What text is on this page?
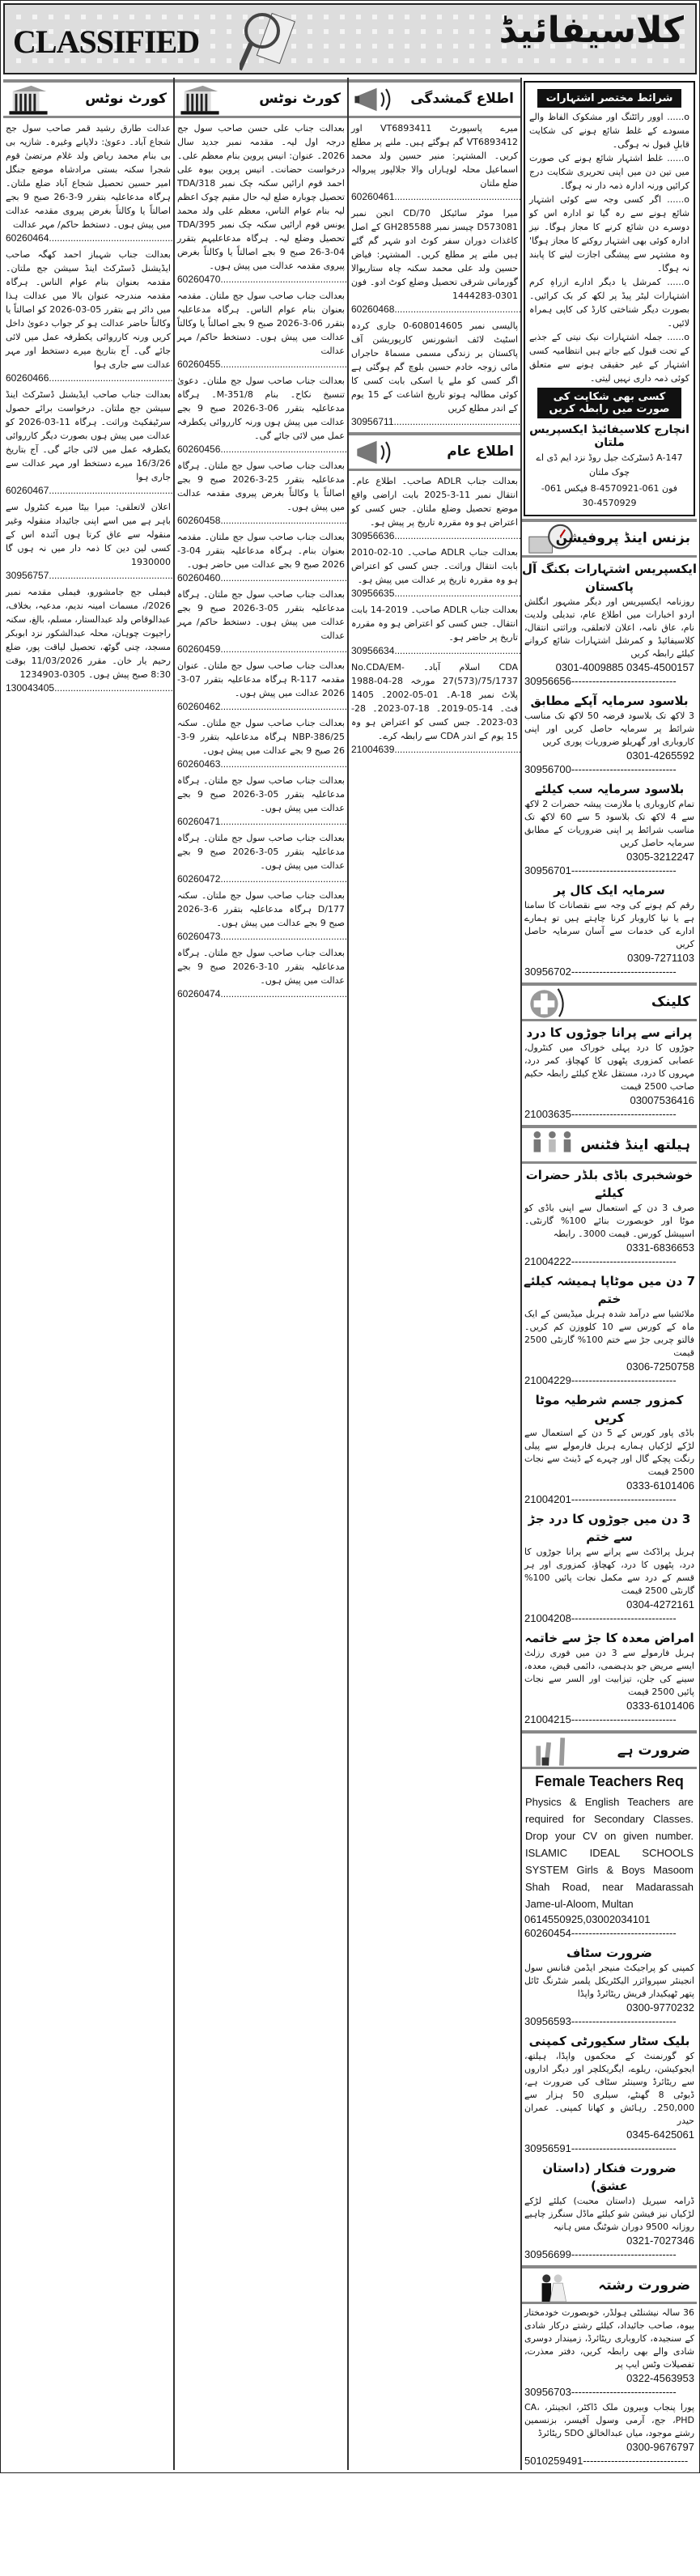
CLASSIFIED	کلاسیفائیڈ
کورٹ نوٹس
عدالت طارق رشید قمر صاحب سول جج شجاع آباد۔ دعویٰ: دلاپانے وغیرہ۔ شازیہ بی بی بنام محمد ریاض ولد غلام مرتضیٰ قوم شجرا سکنہ بستی مرادشاہ موضع جنگل امیر حسین تحصیل شجاع آباد ضلع ملتان۔ ہرگاہ مدعاعلیہ بتقرر 9-3-26 صبح 9 بجے اصالتاً یا وکالتاً بغرض پیروی مقدمہ عدالت میں پیش ہوں۔ دستخط حاکم/ مہر عدالت
60260464 .....
بعدالت جناب شہباز احمد کھگہ صاحب ایڈیشنل ڈسٹرکٹ اینڈ سیشن جج ملتان۔ مقدمہ بعنوان بنام عوام الناس۔ ہرگاہ مقدمہ مندرجہ عنوان بالا میں عدالت ہذا میں دائر ہے بتقرر 05-03-2026 کو اصالتاً یا وکالتاً حاضر عدالت ہو کر جواب دعویٰ داخل کریں ورنہ کارروائی یکطرفہ عمل میں لائی جائے گی۔ آج بتاریخ میرے دستخط اور مہر عدالت سے جاری ہوا
60260466 .....
بعدالت جناب صاحب ایڈیشنل ڈسٹرکٹ اینڈ سیشن جج ملتان۔ درخواست برائے حصول سرٹیفکیٹ وراثت۔ ہرگاہ 11-03-2026 کو عدالت میں پیش ہوں بصورت دیگر کارروائی یکطرفہ عمل میں لائی جائے گی۔ آج بتاریخ 16/3/26 میرے دستخط اور مہر عدالت سے جاری ہوا
60260467 .....
اعلان لاتعلقی: میرا بیٹا میرے کنٹرول سے باہر ہے میں اسے اپنی جائیداد منقولہ وغیر منقولہ سے عاق کرتا ہوں آئندہ اس کے کسی لین دین کا ذمہ دار میں نہ ہوں گا 1930000
30956757 .....
فیملی جج جامشورو، فیملی مقدمہ نمبر 2026/، مسمات امینہ ندیم، مدعیہ، بخلاف، عبدالوقاص ولد عبدالستار، مسلم، بالغ، سکنہ راجپوت چوہان، محلہ عبدالشکور نزد ابوبکر مسجد، چنی گوٹھ، تحصیل لیاقت پور، ضلع رحیم یار خان۔ مقرر 11/03/2026 بوقت 8:30 صبح پیش ہوں۔ 0305-1234903
130043405 .....
کورٹ نوٹس
بعدالت جناب علی حسن صاحب سول جج درجہ اول لیہ۔ مقدمہ نمبر جدید سال 2026۔ عنوان: انیس پروین بنام معظم علی۔ درخواست حضانت۔ انیس پروین بیوہ علی احمد قوم ارائیں سکنہ چک نمبر 318/TDA تحصیل چوبارہ ضلع لیہ حال مقیم چوک اعظم لیہ بنام عوام الناس، معظم علی ولد محمد یونس قوم ارائیں سکنہ چک نمبر 395/TDA تحصیل وضلع لیہ۔ ہرگاہ مدعاعلیہم بتقرر 04-3-26 صبح 9 بجے اصالتاً یا وکالتاً بغرض پیروی مقدمہ عدالت میں پیش ہوں۔
60260470 .....
بعدالت جناب صاحب سول جج ملتان۔ مقدمہ بعنوان بنام عوام الناس۔ ہرگاہ مدعاعلیہ بتقرر 06-3-2026 صبح 9 بجے اصالتاً یا وکالتاً عدالت میں پیش ہوں۔ دستخط حاکم/ مہر عدالت
60260455 .....
بعدالت جناب صاحب سول جج ملتان۔ دعویٰ تنسیخ نکاح۔ بنام 351/8-M۔ ہرگاہ مدعاعلیہ بتقرر 06-3-2026 صبح 9 بجے عدالت میں پیش ہوں ورنہ کارروائی یکطرفہ عمل میں لائی جائے گی۔
60260456 .....
بعدالت جناب صاحب سول جج ملتان۔ ہرگاہ مدعاعلیہ بتقرر 25-3-2026 صبح 9 بجے اصالتاً یا وکالتاً بغرض پیروی مقدمہ عدالت میں پیش ہوں۔
60260458 .....
بعدالت جناب صاحب سول جج ملتان۔ مقدمہ بعنوان بنام۔ ہرگاہ مدعاعلیہ بتقرر 04-3-2026 صبح 9 بجے عدالت میں حاضر ہوں۔
60260460 .....
بعدالت جناب صاحب سول جج ملتان۔ ہرگاہ مدعاعلیہ بتقرر 05-3-2026 صبح 9 بجے عدالت میں پیش ہوں۔ دستخط حاکم/ مہر عدالت
60260459 .....
بعدالت جناب صاحب سول جج ملتان۔ عنوان مقدمہ R-117 ہرگاہ مدعاعلیہ بتقرر 07-3-2026 عدالت میں پیش ہوں۔
60260462 .....
بعدالت جناب صاحب سول جج ملتان۔ سکنہ NBP-386/25 ہرگاہ مدعاعلیہ بتقرر 9-3-26 صبح 9 بجے عدالت میں پیش ہوں۔
60260463 .....
بعدالت جناب صاحب سول جج ملتان۔ ہرگاہ مدعاعلیہ بتقرر 05-3-2026 صبح 9 بجے عدالت میں پیش ہوں۔
60260471 .....
بعدالت جناب صاحب سول جج ملتان۔ ہرگاہ مدعاعلیہ بتقرر 05-3-2026 صبح 9 بجے عدالت میں پیش ہوں۔
60260472 .....
بعدالت جناب صاحب سول جج ملتان۔ سکنہ 177/D ہرگاہ مدعاعلیہ بتقرر 6-3-2026 صبح 9 بجے عدالت میں پیش ہوں۔
60260473 .....
بعدالت جناب صاحب سول جج ملتان۔ ہرگاہ مدعاعلیہ بتقرر 10-3-2026 صبح 9 بجے عدالت میں پیش ہوں۔
60260474 .....
اطلاع گمشدگی
میرے پاسپورٹ VT6893411 اور VT6893412 گم ہوگئے ہیں۔ ملنے پر مطلع کریں۔ المشتہر: منیر حسین ولد محمد اسماعیل محلہ لوہاراں والا جلالپور پیروالہ ضلع ملتان
60260461 .....
میرا موٹر سائیکل CD/70 انجن نمبر D573081 چیسز نمبر GH285588 کے اصل کاغذات دوران سفر کوٹ ادو شہر گم گئے ہیں ملنے پر مطلع کریں۔ المشتہر: فیاض حسین ولد علی محمد سکنہ چاہ ستاریوالا گورمانی شرقی تحصیل وضلع کوٹ ادو۔ فون 0301-1444283
60260468 .....
پالیسی نمبر 608014605-0 جاری کردہ اسٹیٹ لائف انشورنس کارپوریشن آف پاکستان بر زندگی مسمی مسماۃ حاجراں مائی زوجہ خادم حسین بلوچ گم ہوگئی ہے اگر کسی کو ملے یا اسکی بابت کسی کا کوئی مطالبہ ہوتو تاریخ اشاعت کے 15 یوم کے اندر مطلع کریں
30956711 .....
اطلاع عام
بعدالت جناب ADLR صاحب۔ اطلاع عام۔ انتقال نمبر 11-3-2025 بابت اراضی واقع موضع تحصیل وضلع ملتان۔ جس کسی کو اعتراض ہو وہ مقررہ تاریخ پر پیش ہو۔
30956636 .....
بعدالت جناب ADLR صاحب۔ 10-02-2010 بابت انتقال وراثت۔ جس کسی کو اعتراض ہو وہ مقررہ تاریخ پر عدالت میں پیش ہو۔
30956635 .....
بعدالت جناب ADLR صاحب۔ 2019-14 بابت انتقال۔ جس کسی کو اعتراض ہو وہ مقررہ تاریخ پر حاضر ہو۔
30956634 .....
CDA اسلام آباد۔ No.CDA/EM-27(573)/75/1737 مورخہ 28-04-1988 پلاٹ نمبر 18-A۔ 01-05-2002۔ 1405 فٹ۔ 14-05-2019۔ 18-07-2023۔ 28-03-2023۔ جس کسی کو اعتراض ہو وہ 15 یوم کے اندر CDA سے رابطہ کرے۔
21004639 .....
شرائط مختصر اشتہارات

o...... اوور رائٹنگ اور مشکوک الفاظ والے مسودے کے غلط شائع ہونے کی شکایت قابلِ قبول نہ ہوگی۔

o...... غلط اشتہار شائع ہونے کی صورت میں تین دن میں اپنی تحریری شکایت درج کرائیں ورنہ ادارہ ذمہ دار نہ ہوگا۔

o...... اگر کسی وجہ سے کوئی اشتہار شائع ہونے سے رہ گیا تو ادارہ اس کو دوسرے دن شائع کرنے کا مجاز ہوگا۔ نیز ادارہ کوئی بھی اشتہار روکنے کا مجاز ہوگا' وہ مشتہر سے پیشگی اجازت لینے کا پابند نہ ہوگا۔

o...... کمرشل یا دیگر ادارے ازراہِ کرم اشتہارات لیٹر پیڈ پر لکھ کر بک کرائیں۔ بصورت دیگر شناختی کارڈ کی کاپی ہمراہ لائیں۔

o...... جملہ اشتہارات نیک نیتی کے جذبے کے تحت قبول کیے جاتے ہیں انتظامیہ کسی اشتہار کے غیر حقیقی ہونے سے متعلق کوئی ذمہ داری نہیں لیتی۔

کسی بھی شکایت کی صورت میں رابطہ کریں
انچارج کلاسیفائیڈ ایکسپریس ملتان
147-A ڈسٹرکٹ جیل روڈ نزد ایم ڈی اے چوک ملتان
فون 061-4570921-8 فیکس 061-4570929-30
بزنس اینڈ پروفیشن
ایکسپریس اشتہارات بکنگ آل پاکستان

روزنامہ ایکسپریس اور دیگر مشہور انگلش اردو اخبارات میں اطلاع عام، تبدیلی ولدیت نام، عاق نامہ، اعلان لاتعلقی، وراثتی انتقال، کلاسیفائیڈ و کمرشل اشتہارات شائع کروانے کیلئے رابطہ کریں

0301-4009885 0345-4500157
30956656 -----
بلاسود سرمایہ آپکے مطابق

3 لاکھ تک بلاسود قرضہ 50 لاکھ تک مناسب شرائط پر سرمایہ حاصل کریں اور اپنی کاروباری اور گھریلو ضروریات پوری کریں

0301-4265592
30956700 -----
بلاسود سرمایہ سب کیلئے

تمام کاروباری یا ملازمت پیشہ حضرات 2 لاکھ سے 4 لاکھ تک بلاسود 5 سے 60 لاکھ تک مناسب شرائط پر اپنی ضروریات کے مطابق سرمایہ حاصل کریں

0305-3212247
30956701 -----
سرمایہ ایک کال پر

رقم کم ہونے کی وجہ سے نقصانات کا سامنا ہے یا نیا کاروبار کرنا چاہتے ہیں تو ہمارے ادارے کی خدمات سے آسان سرمایہ حاصل کریں

0309-7271103
30956702 -----
کلینک
پرانے سے پرانا جوڑوں کا درد

جوڑوں کا درد پہلی خوراک میں کنٹرول، عصابی کمزوری پٹھوں کا کھچاؤ، کمر درد، مہروں کا درد، مستقل علاج کیلئے رابطہ حکیم صاحب 2500 قیمت

03007536416
21003635 -----
ہیلتھ اینڈ فٹنس
خوشخبری باڈی بلڈر حضرات کیلئے

صرف 3 دن کے استعمال سے اپنی باڈی کو موٹا اور خوبصورت بنائے 100% گارنٹی۔ اسپیشل کورس۔ قیمت 3000۔ رابطہ

0331-6836653
21004222 -----
7 دن میں موٹاپا ہمیشہ کیلئے ختم

ملائشیا سے درآمد شدہ ہربل میڈیسن کے ایک ماہ کے کورس سے 10 کلووزن کم کریں۔ فالتو چربی جڑ سے ختم 100% گارنٹی 2500 قیمت

0306-7250758
21004229 -----
کمزور جسم شرطیہ موٹا کریں

باڈی پاور کورس کے 5 دن کے استعمال سے لڑکے لڑکیاں ہمارے ہربل فارمولے سے پیلی رنگت پچکے گال اور چہرے کے ڈینٹ سے نجات 2500 قیمت

0333-6101406
21004201 -----
3 دن میں جوڑوں کا درد جڑ سے ختم

ہربل پراڈکٹ سے پرانے سے پرانا جوڑوں کا درد، پٹھوں کا درد، کھچاؤ، کمزوری اور ہر قسم کے درد سے مکمل نجات پائیں 100% گارنٹی 2500 قیمت

0304-4272161
21004208 -----
امراض معدہ کا جڑ سے خاتمہ

ہربل فارمولے سے 3 دن میں فوری رزلٹ ایسے مریض جو بدہضمی، دائمی قبض، معدہ، سینے کی جلن، تیزابیت اور السر سے نجات پائیں 2500 قیمت

0333-6101406
21004215 -----
ضرورت ہے
Female Teachers Req

Physics & English Teachers are required for Secondary Classes. Drop your CV on given number. ISLAMIC IDEAL SCHOOLS SYSTEM Girls & Boys Masoom Shah Road, near Madarassah Jame-ul-Aloom, Multan

0614550925,03002034101
60260454 -----
ضرورت سٹاف

کمپنی کو پراجیکٹ منیجر ایڈمن فنانس سول انجینئر سپروائزر الیکٹریکل پلمبر شٹرنگ ٹائل پتھر ٹھیکیدار فریش ریٹائرڈ واپڈا

0300-9770232
30956593 -----
بلیک سٹار سکیورٹی کمپنی

کو گورنمنٹ کے محکموں واپڈا، ہیلتھ، ایجوکیشن، ریلوے، ایگریکلچر اور دیگر اداروں سے ریٹائرڈ وسینئر سٹاف کی ضرورت ہے، ڈیوٹی 8 گھنٹے، سیلری 50 ہزار سے 250,000۔ رہائش و کھانا کمپنی۔ عمران حیدر

0345-6425061
30956591 -----
ضرورت فنکار (داستان عشق)

ڈرامہ سیریل (داستان محبت) کیلئے لڑکے لڑکیاں نیز فیشن شو کیلئے ماڈل سنگرز چاہیے روزانہ 9500 دوران شوٹنگ مس ہانیہ

0321-7027346
30956699 -----
ضرورت رشتہ

36 سالہ نیشنلٹی ہولڈر، خوبصورت خودمختار بیوہ، صاحب جائیداد، کیلئے رشتے درکار شادی کے سنجیدہ، کاروباری ریٹائرڈ، زمیندار دوسری شادی والے بھی رابطہ کریں، دفتر معذرت، تفصیلات وٹس ایپ پر

0322-4563953
30956703 -----

پورا پنجاب وبیرون ملک ڈاکٹر، انجینئر، CA، PHD، جج، آرمی وسول آفیسر، بزنسمین رشتے موجود، میاں عبدالخالق SDO ریٹائرڈ

0300-9676797
5010259491 -----
